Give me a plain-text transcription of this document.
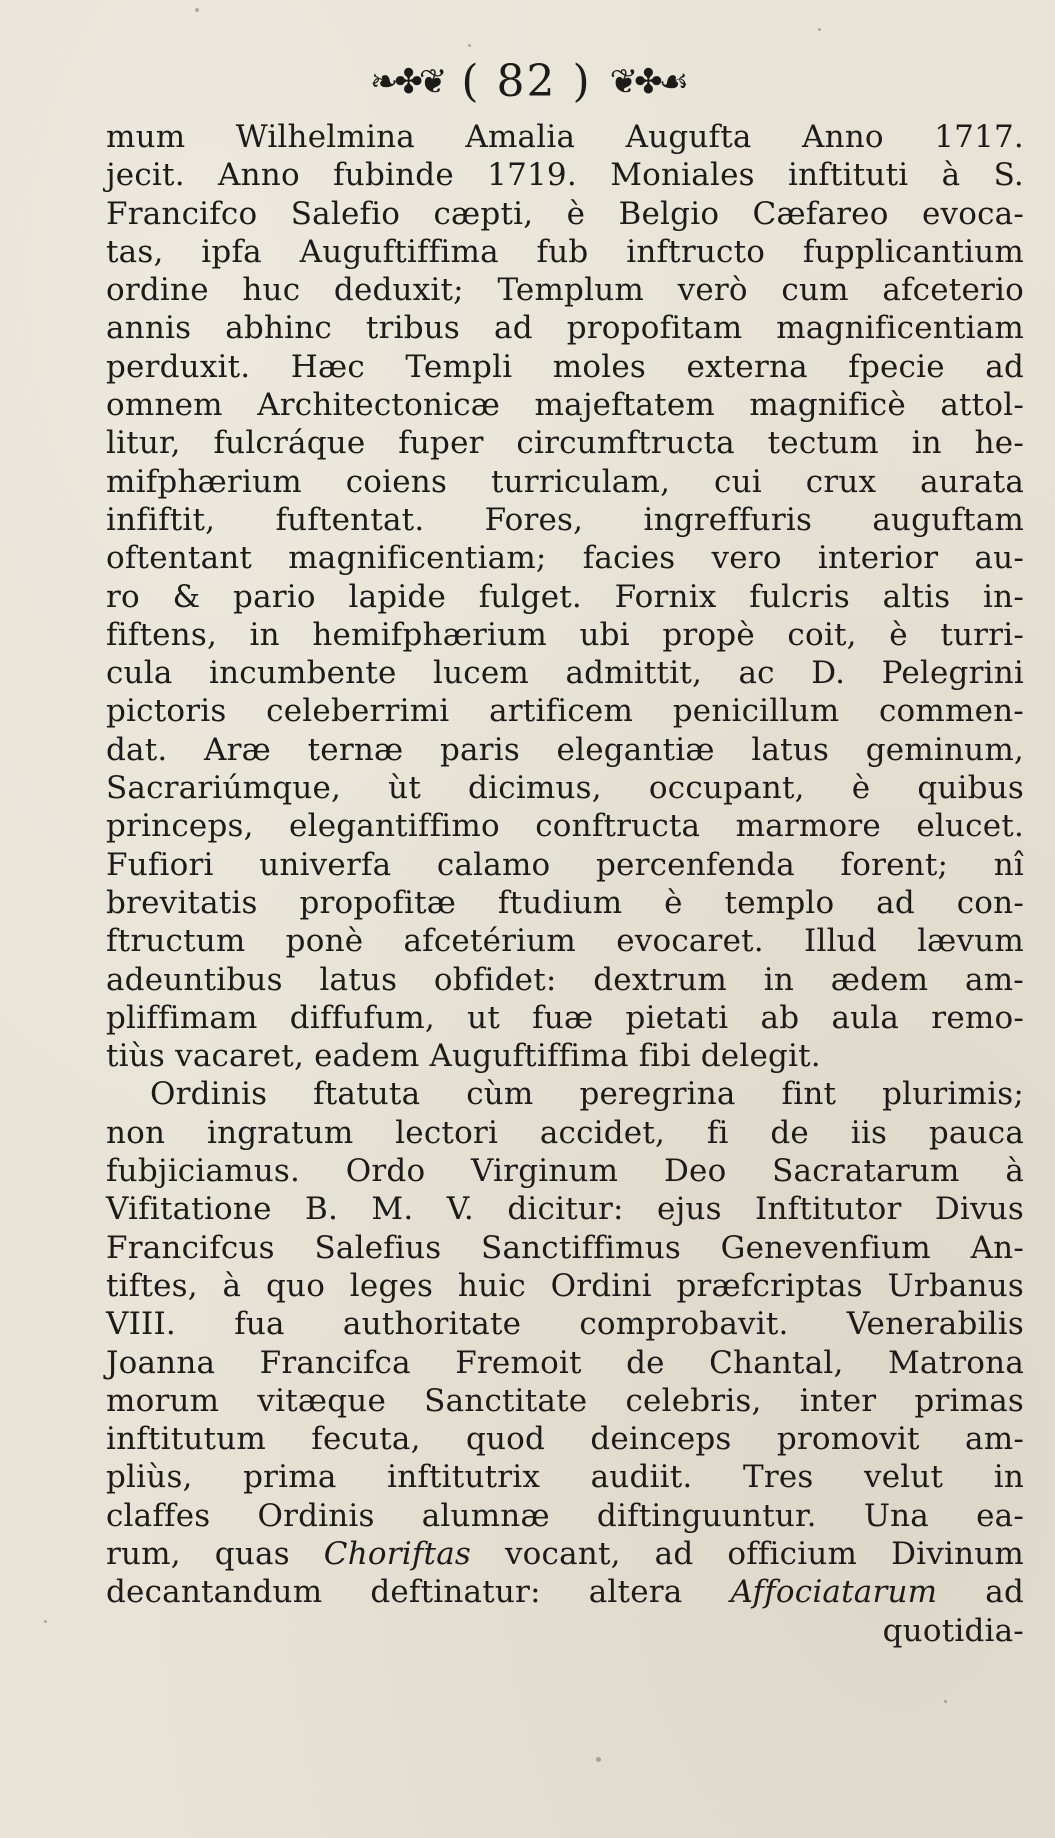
❧✤❦ ( 82 ) ❦✤☙
mum Wilhelmina Amalia Augufta Anno 1717.
jecit. Anno fubinde 1719. Moniales inftituti à S.
Francifco Salefio cæpti, è Belgio Cæfareo evoca-
tas, ipfa Auguftiffima fub inftructo fupplicantium
ordine huc deduxit; Templum verò cum afceterio
annis abhinc tribus ad propofitam magnificentiam
perduxit. Hæc Templi moles externa fpecie ad
omnem Architectonicæ majeftatem magnificè attol-
litur, fulcráque fuper circumftructa tectum in he-
mifphærium coiens turriculam, cui crux aurata
infiftit, fuftentat. Fores, ingreffuris auguftam
oftentant magnificentiam; facies vero interior au-
ro & pario lapide fulget. Fornix fulcris altis in-
fiftens, in hemifphærium ubi propè coit, è turri-
cula incumbente lucem admittit, ac D. Pelegrini
pictoris celeberrimi artificem penicillum commen-
dat. Aræ ternæ paris elegantiæ latus geminum,
Sacrariúmque, ùt dicimus, occupant, è quibus
princeps, elegantiffimo conftructa marmore elucet.
Fufiori univerfa calamo percenfenda forent; nî
brevitatis propofitæ ftudium è templo ad con-
ftructum ponè afcetérium evocaret. Illud lævum
adeuntibus latus obfidet: dextrum in ædem am-
pliffimam diffufum, ut fuæ pietati ab aula remo-
tiùs vacaret, eadem Auguftiffima fibi delegit.
Ordinis ftatuta cùm peregrina fint plurimis;
non ingratum lectori accidet, fi de iis pauca
fubjiciamus. Ordo Virginum Deo Sacratarum à
Vifitatione B. M. V. dicitur: ejus Inftitutor Divus
Francifcus Salefius Sanctiffimus Genevenfium An-
tiftes, à quo leges huic Ordini præfcriptas Urbanus
VIII. fua authoritate comprobavit. Venerabilis
Joanna Francifca Fremoit de Chantal, Matrona
morum vitæque Sanctitate celebris, inter primas
inftitutum fecuta, quod deinceps promovit am-
pliùs, prima inftitutrix audiit. Tres velut in
claffes Ordinis alumnæ diftinguuntur. Una ea-
rum, quas Choriftas vocant, ad officium Divinum
decantandum deftinatur: altera Affociatarum ad
quotidia-
